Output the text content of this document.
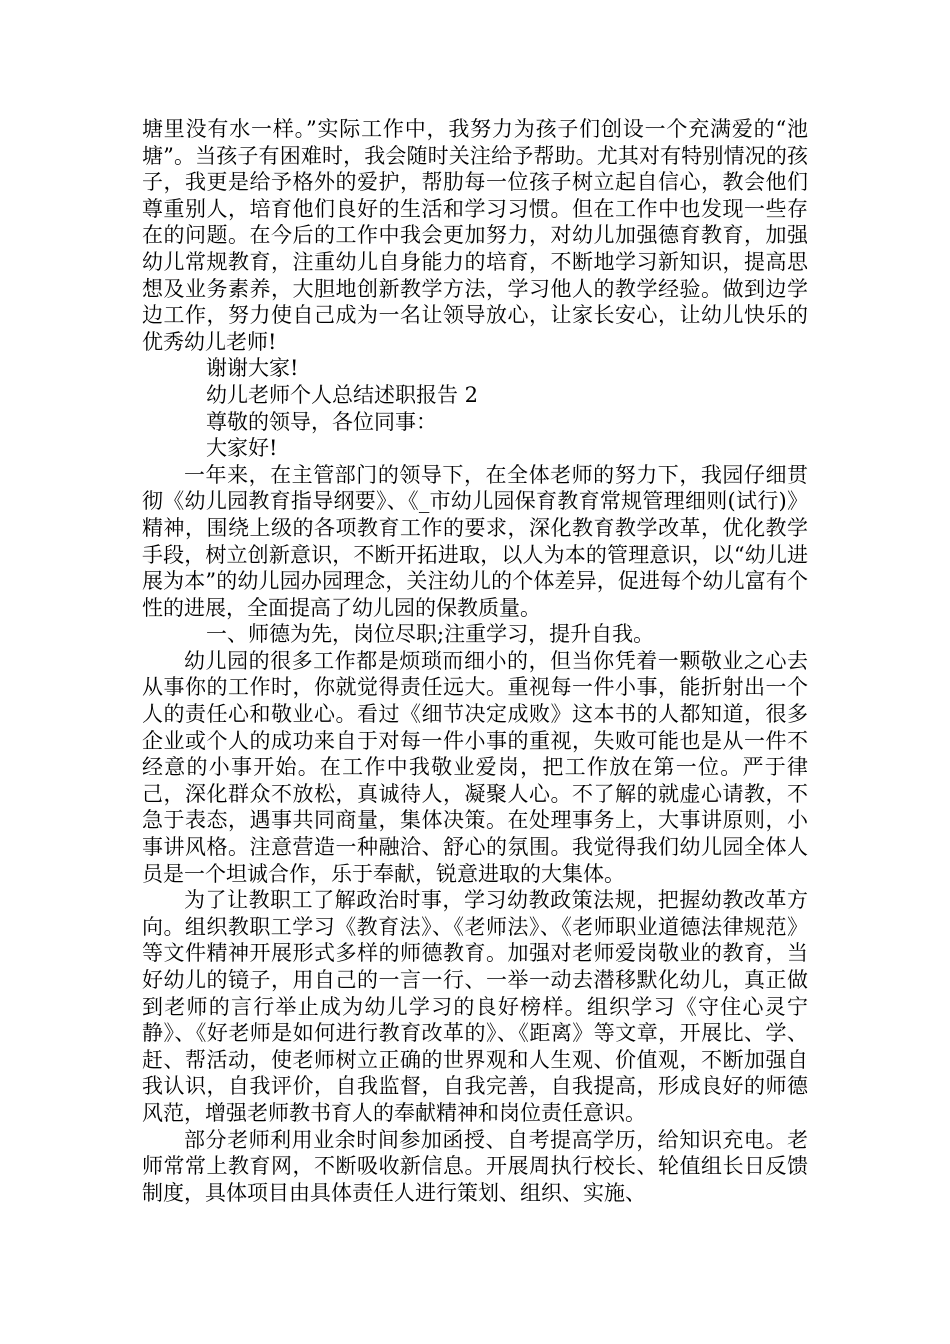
塘里没有水一样。”实际工作中，我努力为孩子们创设一个充满爱的“池塘”。当孩子有困难时，我会随时关注给予帮助。尤其对有特别情况的孩子，我更是给予格外的爱护，帮肋每一位孩子树立起自信心，教会他们尊重别人，培育他们良好的生活和学习习惯。但在工作中也发现一些存在的问题。在今后的工作中我会更加努力，对幼儿加强德育教育，加强幼儿常规教育，注重幼儿自身能力的培育，不断地学习新知识，提高思想及业务素养，大胆地创新教学方法，学习他人的教学经验。做到边学边工作，努力使自己成为一名让领导放心，让家长安心，让幼儿快乐的优秀幼儿老师!

谢谢大家!

幼儿老师个人总结述职报告 2

尊敬的领导，各位同事：

大家好!

一年来，在主管部门的领导下，在全体老师的努力下，我园仔细贯彻《幼儿园教育指导纲要》、《_市幼儿园保育教育常规管理细则(试行)》精神，围绕上级的各项教育工作的要求，深化教育教学改革，优化教学手段，树立创新意识，不断开拓进取，以人为本的管理意识，以“幼儿进展为本”的幼儿园办园理念，关注幼儿的个体差异，促进每个幼儿富有个性的进展，全面提高了幼儿园的保教质量。

一、师德为先，岗位尽职;注重学习，提升自我。

幼儿园的很多工作都是烦琐而细小的，但当你凭着一颗敬业之心去从事你的工作时，你就觉得责任远大。重视每一件小事，能折射出一个人的责任心和敬业心。看过《细节决定成败》这本书的人都知道，很多企业或个人的成功来自于对每一件小事的重视，失败可能也是从一件不经意的小事开始。在工作中我敬业爱岗，把工作放在第一位。严于律己，深化群众不放松，真诚待人，凝聚人心。不了解的就虚心请教，不急于表态，遇事共同商量，集体决策。在处理事务上，大事讲原则，小事讲风格。注意营造一种融洽、舒心的氛围。我觉得我们幼儿园全体人员是一个坦诚合作，乐于奉献，锐意进取的大集体。

为了让教职工了解政治时事，学习幼教政策法规，把握幼教改革方向。组织教职工学习《教育法》、《老师法》、《老师职业道德法律规范》等文件精神开展形式多样的师德教育。加强对老师爱岗敬业的教育，当好幼儿的镜子，用自己的一言一行、一举一动去潜移默化幼儿，真正做到老师的言行举止成为幼儿学习的良好榜样。组织学习《守住心灵宁静》、《好老师是如何进行教育改革的》、《距离》等文章，开展比、学、赶、帮活动，使老师树立正确的世界观和人生观、价值观，不断加强自我认识，自我评价，自我监督，自我完善，自我提高，形成良好的师德风范，增强老师教书育人的奉献精神和岗位责任意识。

部分老师利用业余时间参加函授、自考提高学历，给知识充电。老师常常上教育网，不断吸收新信息。开展周执行校长、轮值组长日反馈制度，具体项目由具体责任人进行策划、组织、实施、
